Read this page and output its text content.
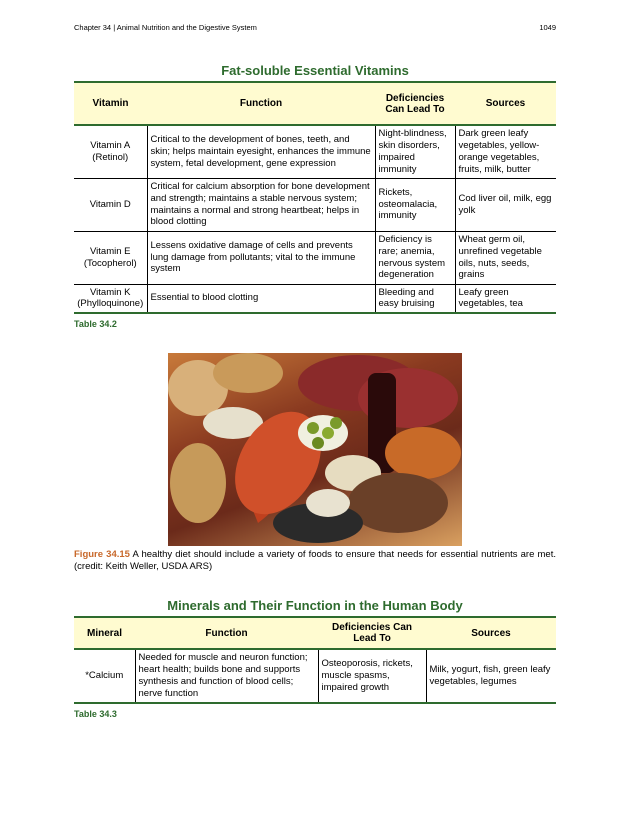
Chapter 34 | Animal Nutrition and the Digestive System	1049
Fat-soluble Essential Vitamins
Vitamin	Function	Deficiencies Can Lead To	Sources
Vitamin A (Retinol)	Critical to the development of bones, teeth, and skin; helps maintain eyesight, enhances the immune system, fetal development, gene expression	Night-blindness, skin disorders, impaired immunity	Dark green leafy vegetables, yellow-orange vegetables, fruits, milk, butter
Vitamin D	Critical for calcium absorption for bone development and strength; maintains a stable nervous system; maintains a normal and strong heartbeat; helps in blood clotting	Rickets, osteomalacia, immunity	Cod liver oil, milk, egg yolk
Vitamin E (Tocopherol)	Lessens oxidative damage of cells and prevents lung damage from pollutants; vital to the immune system	Deficiency is rare; anemia, nervous system degeneration	Wheat germ oil, unrefined vegetable oils, nuts, seeds, grains
Vitamin K (Phylloquinone)	Essential to blood clotting	Bleeding and easy bruising	Leafy green vegetables, tea
Table 34.2
Figure 34.15 A healthy diet should include a variety of foods to ensure that needs for essential nutrients are met. (credit: Keith Weller, USDA ARS)
Minerals and Their Function in the Human Body
Mineral	Function	Deficiencies Can Lead To	Sources
*Calcium	Needed for muscle and neuron function; heart health; builds bone and supports synthesis and function of blood cells; nerve function	Osteoporosis, rickets, muscle spasms, impaired growth	Milk, yogurt, fish, green leafy vegetables, legumes
Table 34.3
